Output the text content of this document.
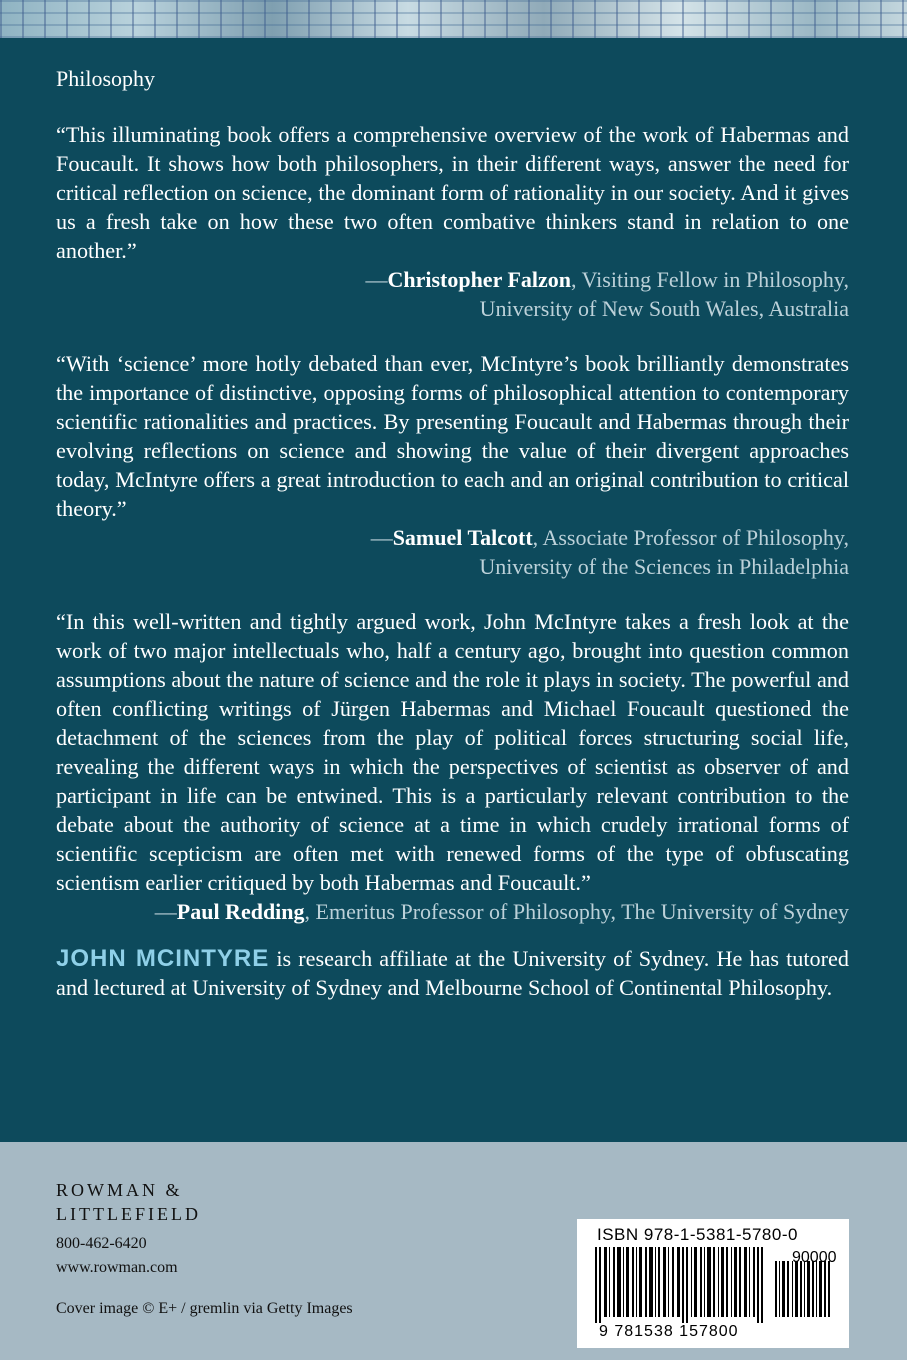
Philosophy

“This illuminating book offers a comprehensive overview of the work of Habermas and Foucault. It shows how both philosophers, in their different ways, answer the need for critical reflection on science, the dominant form of rationality in our society. And it gives us a fresh take on how these two often combative thinkers stand in relation to one another.”

—Christopher Falzon, Visiting Fellow in Philosophy,
University of New South Wales, Australia

“With ‘science’ more hotly debated than ever, McIntyre’s book brilliantly demonstrates the importance of distinctive, opposing forms of philosophical attention to contemporary scientific rationalities and practices. By presenting Foucault and Habermas through their evolving reflections on science and showing the value of their divergent approaches today, McIntyre offers a great introduction to each and an original contribution to critical theory.”

—Samuel Talcott, Associate Professor of Philosophy,
University of the Sciences in Philadelphia

“In this well-written and tightly argued work, John McIntyre takes a fresh look at the work of two major intellectuals who, half a century ago, brought into question common assumptions about the nature of science and the role it plays in society. The powerful and often conflicting writings of Jürgen Habermas and Michael Foucault questioned the detachment of the sciences from the play of political forces structuring social life, revealing the different ways in which the perspectives of scientist as observer of and participant in life can be entwined. This is a particularly relevant contribution to the debate about the authority of science at a time in which crudely irrational forms of scientific scepticism are often met with renewed forms of the type of obfuscating scientism earlier critiqued by both Habermas and Foucault.”

—Paul Redding, Emeritus Professor of Philosophy, The University of Sydney

JOHN MCINTYRE is research affiliate at the University of Sydney. He has tutored and lectured at University of Sydney and Melbourne School of Continental Philosophy.

ROWMAN &
LITTLEFIELD
800-462-6420
www.rowman.com
Cover image © E+ / gremlin via Getty Images
ISBN 978-1-5381-5780-0
90000
9 781538 157800
